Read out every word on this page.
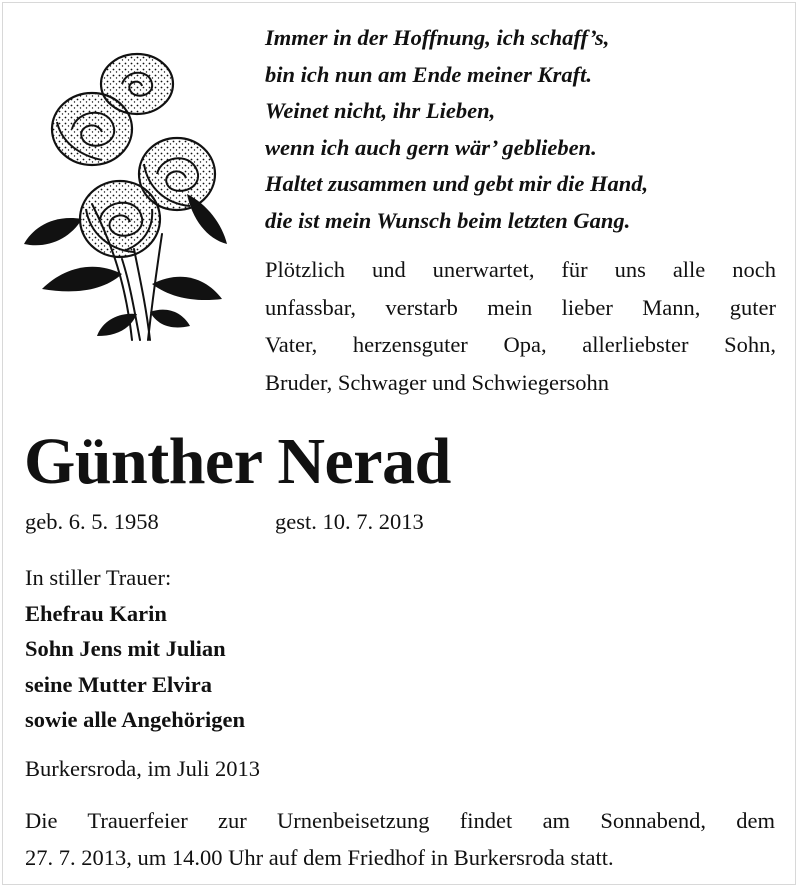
Immer in der Hoffnung, ich schaff’s,
bin ich nun am Ende meiner Kraft.
Weinet nicht, ihr Lieben,
wenn ich auch gern wär’ geblieben.
Haltet zusammen und gebt mir die Hand,
die ist mein Wunsch beim letzten Gang.
Plötzlich und unerwartet, für uns alle noch
unfassbar, verstarb mein lieber Mann, guter
Vater, herzensguter Opa, allerliebster Sohn,
Bruder, Schwager und Schwiegersohn
Günther Nerad
geb. 6. 5. 1958	gest. 10. 7. 2013
In stiller Trauer:
Ehefrau Karin
Sohn Jens mit Julian
seine Mutter Elvira
sowie alle Angehörigen
Burkersroda, im Juli 2013
Die Trauerfeier zur Urnenbeisetzung findet am Sonnabend, dem
27. 7. 2013, um 14.00 Uhr auf dem Friedhof in Burkersroda statt.
